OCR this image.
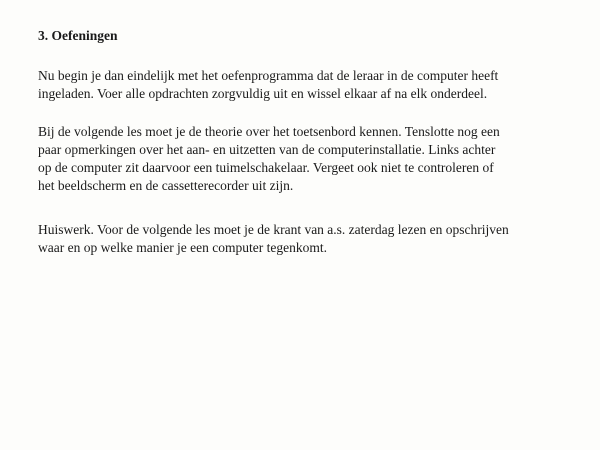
3. Oefeningen

Nu begin je dan eindelijk met het oefenprogramma dat de leraar in de computer heeft
ingeladen. Voer alle opdrachten zorgvuldig uit en wissel elkaar af na elk onderdeel.

Bij de volgende les moet je de theorie over het toetsenbord kennen. Tenslotte nog een
paar opmerkingen over het aan- en uitzetten van de computerinstallatie. Links achter
op de computer zit daarvoor een tuimelschakelaar. Vergeet ook niet te controleren of
het beeldscherm en de cassetterecorder uit zijn.

Huiswerk. Voor de volgende les moet je de krant van a.s. zaterdag lezen en opschrijven
waar en op welke manier je een computer tegenkomt.
